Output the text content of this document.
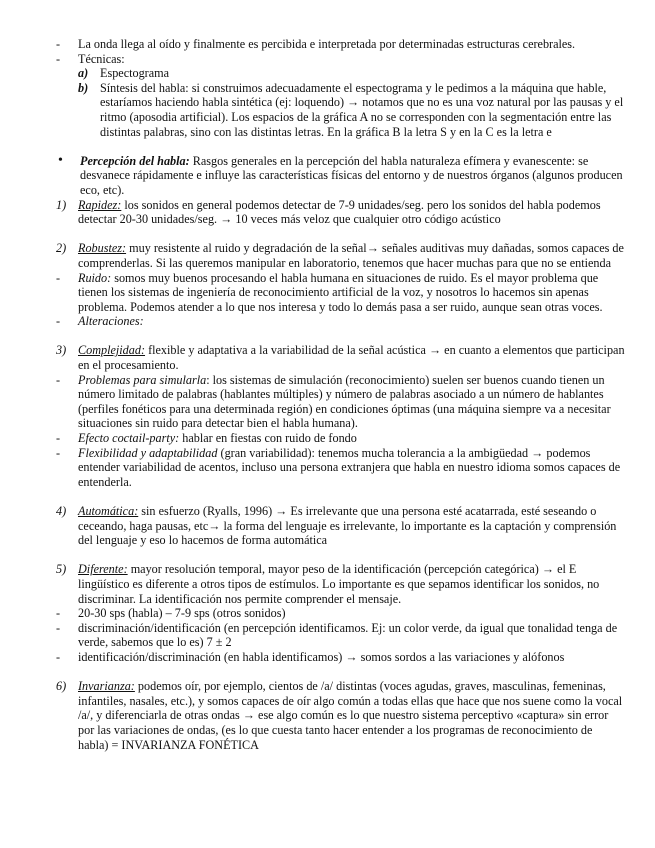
-	La onda llega al oído y finalmente es percibida e interpretada por determinadas estructuras cerebrales.
-	Técnicas:
a) Espectograma
b) Síntesis del habla: si construimos adecuadamente el espectograma y le pedimos a la máquina que hable, estaríamos haciendo habla sintética (ej: loquendo) → notamos que no es una voz natural por las pausas y el ritmo (aposodia artificial). Los espacios de la gráfica A no se corresponden con la segmentación entre las distintas palabras, sino con las distintas letras. En la gráfica B la letra S y en la C es la letra e
•	Percepción del habla: Rasgos generales en la percepción del habla naturaleza efímera y evanescente: se desvanece rápidamente e influye las características físicas del entorno y de nuestros órganos (algunos producen eco, etc).
1) Rapidez: los sonidos en general podemos detectar de 7-9 unidades/seg. pero los sonidos del habla podemos detectar 20-30 unidades/seg. → 10 veces más veloz que cualquier otro código acústico
2) Robustez: muy resistente al ruido y degradación de la señal→ señales auditivas muy dañadas, somos capaces de comprenderlas. Si las queremos manipular en laboratorio, tenemos que hacer muchas para que no se entienda
-	Ruido: somos muy buenos procesando el habla humana en situaciones de ruido. Es el mayor problema que tienen los sistemas de ingeniería de reconocimiento artificial de la voz, y nosotros lo hacemos sin apenas problema. Podemos atender a lo que nos interesa y todo lo demás pasa a ser ruido, aunque sean otras voces.
-	Alteraciones:
3) Complejidad: flexible y adaptativa a la variabilidad de la señal acústica → en cuanto a elementos que participan en el procesamiento.
-	Problemas para simularla: los sistemas de simulación (reconocimiento) suelen ser buenos cuando tienen un número limitado de palabras (hablantes múltiples) y número de palabras asociado a un número de hablantes (perfiles fonéticos para una determinada región) en condiciones óptimas (una máquina siempre va a necesitar situaciones sin ruido para detectar bien el habla humana).
-	Efecto coctail-party: hablar en fiestas con ruido de fondo
-	Flexibilidad y adaptabilidad (gran variabilidad): tenemos mucha tolerancia a la ambigüedad → podemos entender variabilidad de acentos, incluso una persona extranjera que habla en nuestro idioma somos capaces de entenderla.
4) Automática: sin esfuerzo (Ryalls, 1996) → Es irrelevante que una persona esté acatarrada, esté seseando o ceceando, haga pausas, etc→ la forma del lenguaje es irrelevante, lo importante es la captación y comprensión del lenguaje y eso lo hacemos de forma automática
5) Diferente: mayor resolución temporal, mayor peso de la identificación (percepción categórica) → el E lingüístico es diferente a otros tipos de estímulos. Lo importante es que sepamos identificar los sonidos, no discriminar. La identificación nos permite comprender el mensaje.
-	20-30 sps (habla) – 7-9 sps (otros sonidos)
-	discriminación/identificación (en percepción identificamos. Ej: un color verde, da igual que tonalidad tenga de verde, sabemos que lo es) 7 ± 2
-	identificación/discriminación (en habla identificamos) → somos sordos a las variaciones y alófonos
6) Invarianza: podemos oír, por ejemplo, cientos de /a/ distintas (voces agudas, graves, masculinas, femeninas, infantiles, nasales, etc.), y somos capaces de oír algo común a todas ellas que hace que nos suene como la vocal /a/, y diferenciarla de otras ondas → ese algo común es lo que nuestro sistema perceptivo «captura» sin error por las variaciones de ondas, (es lo que cuesta tanto hacer entender a los programas de reconocimiento de habla) = INVARIANZA FONÉTICA
